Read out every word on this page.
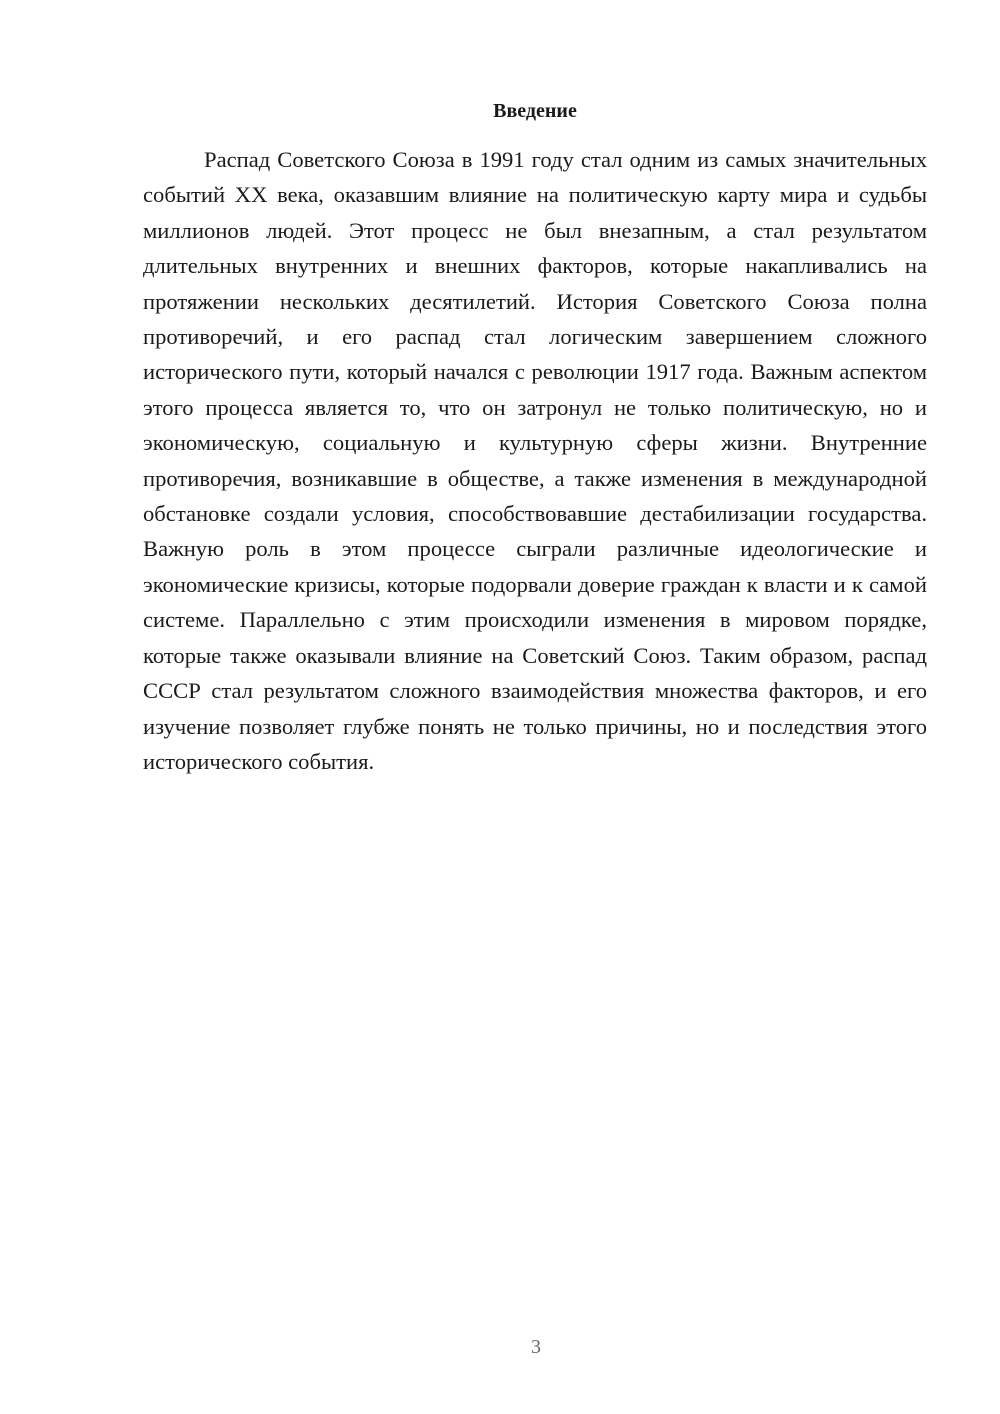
Введение

Распад Советского Союза в 1991 году стал одним из самых значительных событий XX века, оказавшим влияние на политическую карту мира и судьбы миллионов людей. Этот процесс не был внезапным, а стал результатом длительных внутренних и внешних факторов, которые накапливались на протяжении нескольких десятилетий. История Советского Союза полна противоречий, и его распад стал логическим завершением сложного исторического пути, который начался с революции 1917 года. Важным аспектом этого процесса является то, что он затронул не только политическую, но и экономическую, социальную и культурную сферы жизни. Внутренние противоречия, возникавшие в обществе, а также изменения в международной обстановке создали условия, способствовавшие дестабилизации государства. Важную роль в этом процессе сыграли различные идеологические и экономические кризисы, которые подорвали доверие граждан к власти и к самой системе. Параллельно с этим происходили изменения в мировом порядке, которые также оказывали влияние на Советский Союз. Таким образом, распад СССР стал результатом сложного взаимодействия множества факторов, и его изучение позволяет глубже понять не только причины, но и последствия этого исторического события.

3
